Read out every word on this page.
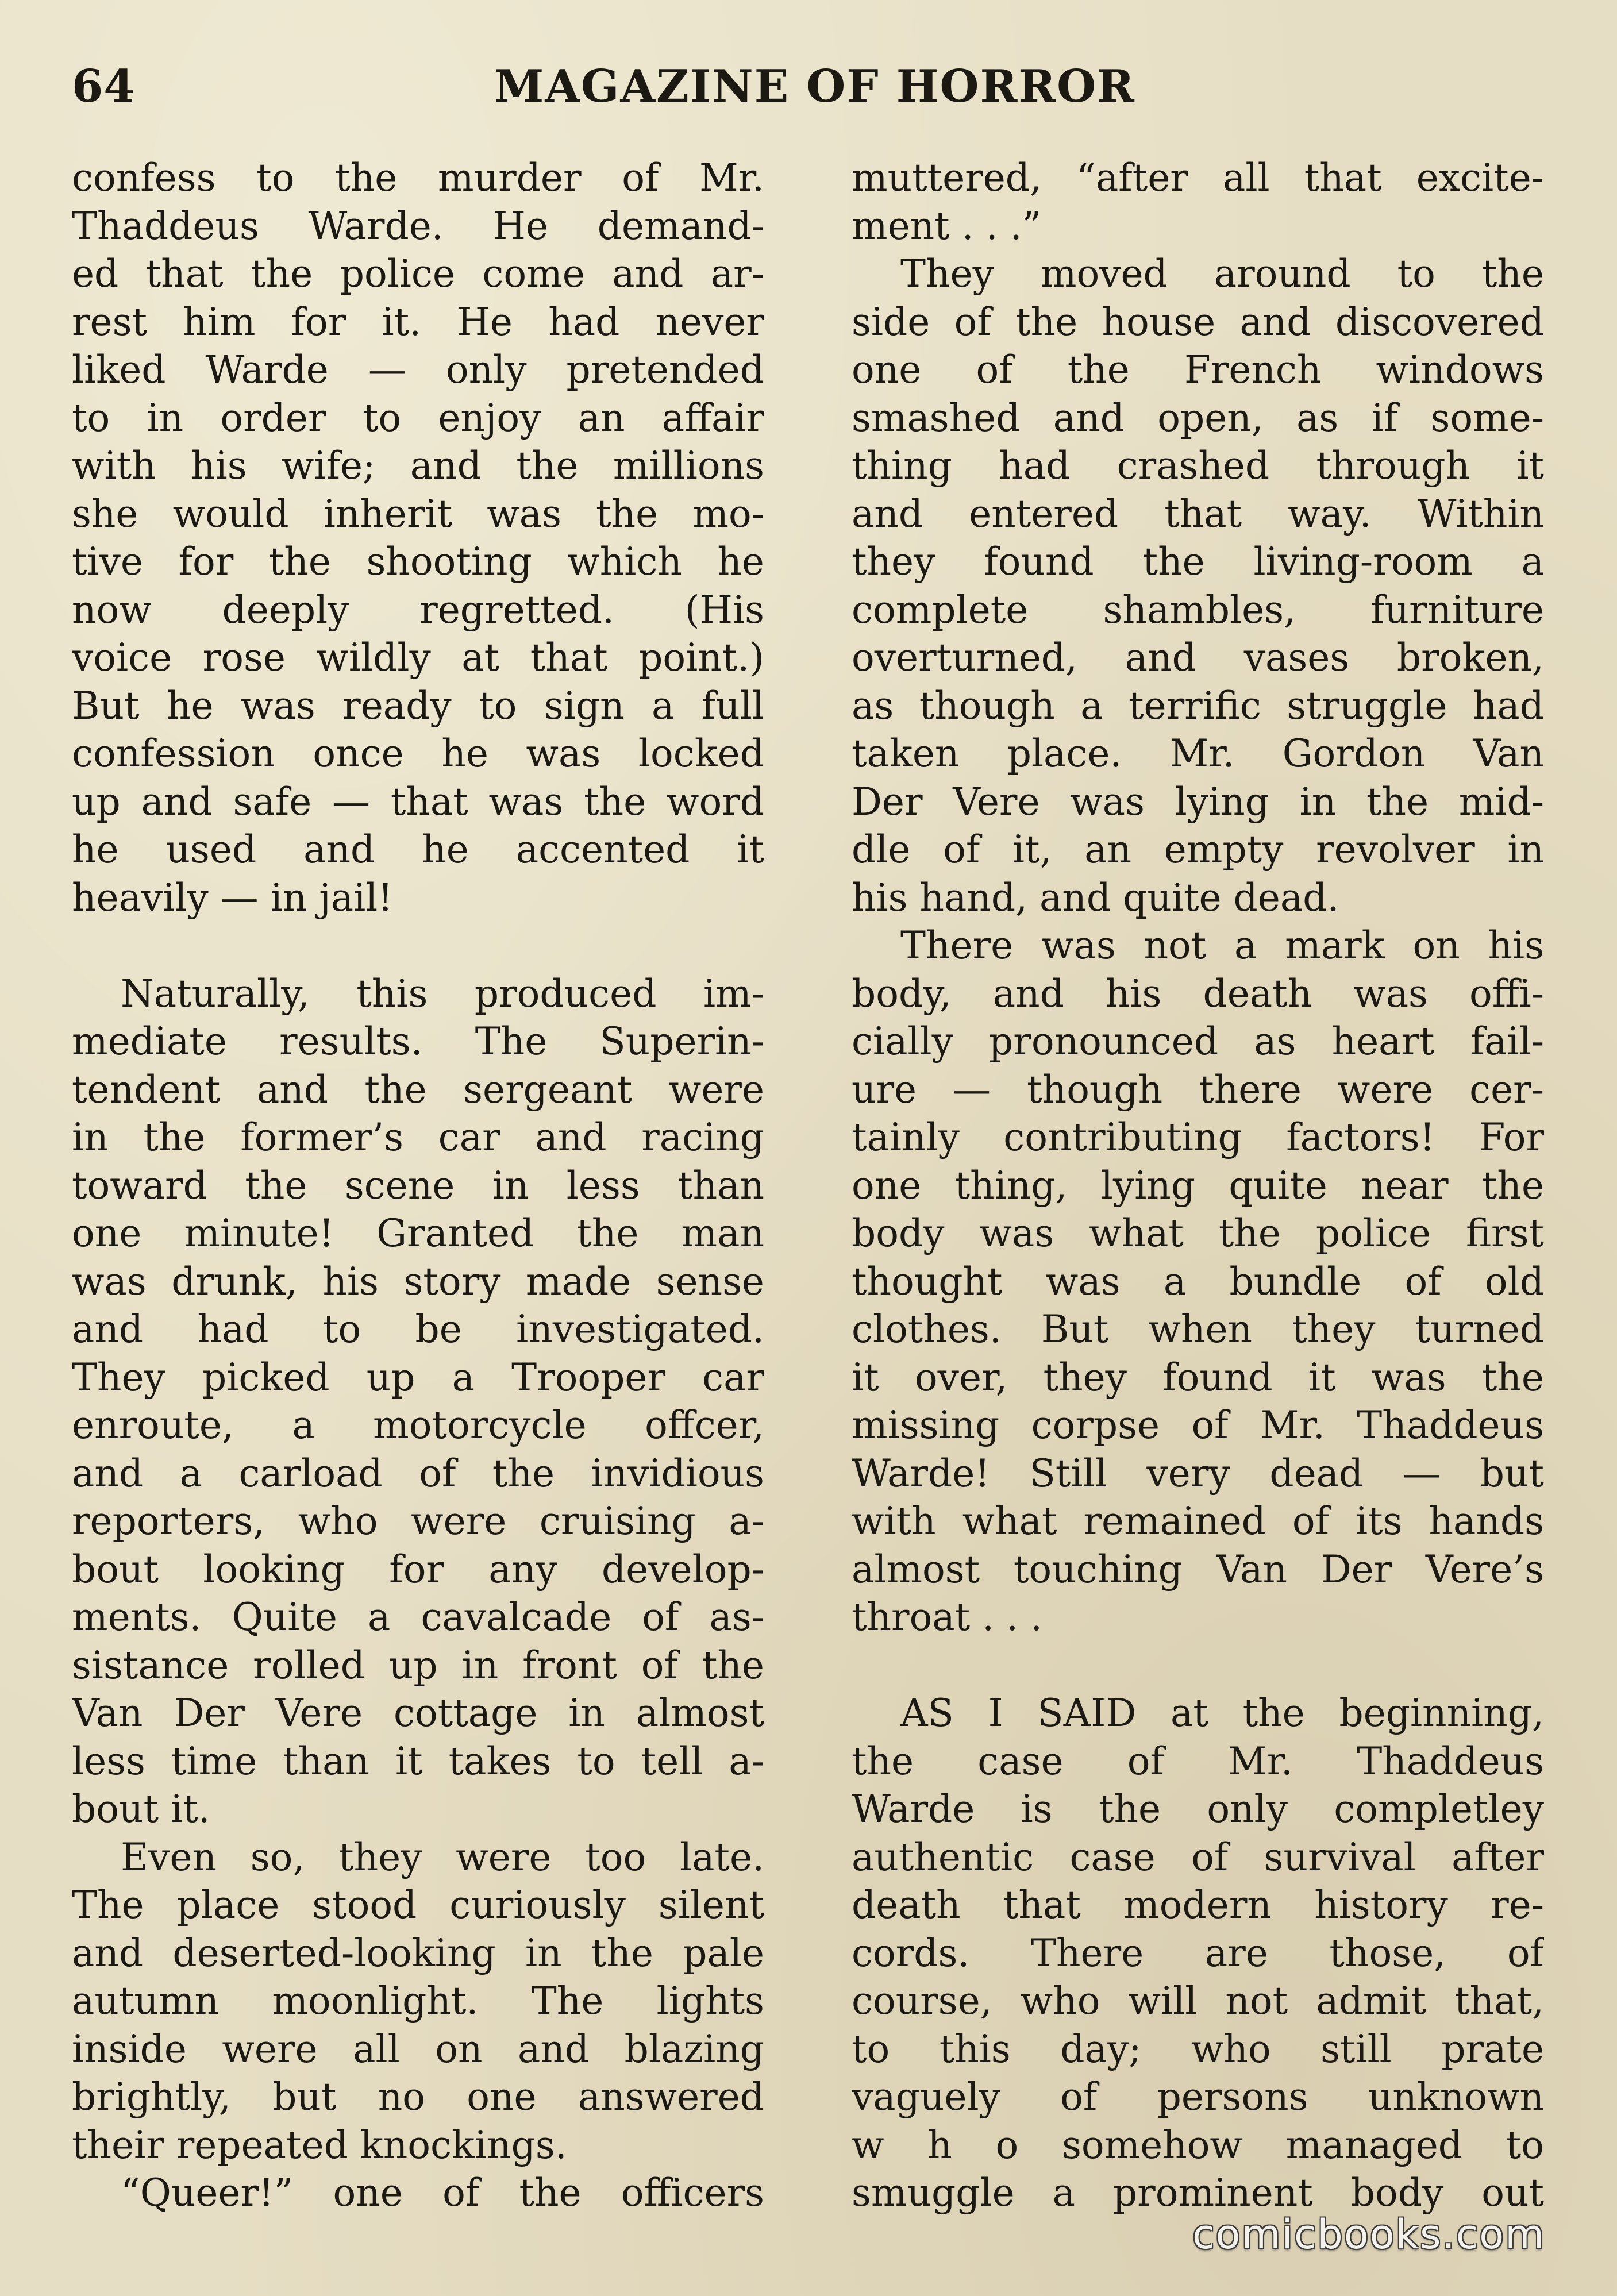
64	MAGAZINE OF HORROR
confess to the murder of Mr.
Thaddeus Warde. He demand-
ed that the police come and ar-
rest him for it. He had never
liked Warde — only pretended
to in order to enjoy an affair
with his wife; and the millions
she would inherit was the mo-
tive for the shooting which he
now deeply regretted. (His
voice rose wildly at that point.)
But he was ready to sign a full
confession once he was locked
up and safe — that was the word
he used and he accented it
heavily — in jail!
Naturally, this produced im-
mediate results. The Superin-
tendent and the sergeant were
in the former’s car and racing
toward the scene in less than
one minute! Granted the man
was drunk, his story made sense
and had to be investigated.
They picked up a Trooper car
enroute, a motorcycle offcer,
and a carload of the invidious
reporters, who were cruising a-
bout looking for any develop-
ments. Quite a cavalcade of as-
sistance rolled up in front of the
Van Der Vere cottage in almost
less time than it takes to tell a-
bout it.
Even so, they were too late.
The place stood curiously silent
and deserted-looking in the pale
autumn moonlight. The lights
inside were all on and blazing
brightly, but no one answered
their repeated knockings.
“Queer!” one of the officers
muttered, “after all that excite-
ment . . .”
They moved around to the
side of the house and discovered
one of the French windows
smashed and open, as if some-
thing had crashed through it
and entered that way. Within
they found the living-room a
complete shambles, furniture
overturned, and vases broken,
as though a terrific struggle had
taken place. Mr. Gordon Van
Der Vere was lying in the mid-
dle of it, an empty revolver in
his hand, and quite dead.
There was not a mark on his
body, and his death was offi-
cially pronounced as heart fail-
ure — though there were cer-
tainly contributing factors! For
one thing, lying quite near the
body was what the police first
thought was a bundle of old
clothes. But when they turned
it over, they found it was the
missing corpse of Mr. Thaddeus
Warde! Still very dead — but
with what remained of its hands
almost touching Van Der Vere’s
throat . . .
AS I SAID at the beginning,
the case of Mr. Thaddeus
Warde is the only completley
authentic case of survival after
death that modern history re-
cords. There are those, of
course, who will not admit that,
to this day; who still prate
vaguely of persons unknown
w h o somehow managed to
smuggle a prominent body out
comicbooks.com
